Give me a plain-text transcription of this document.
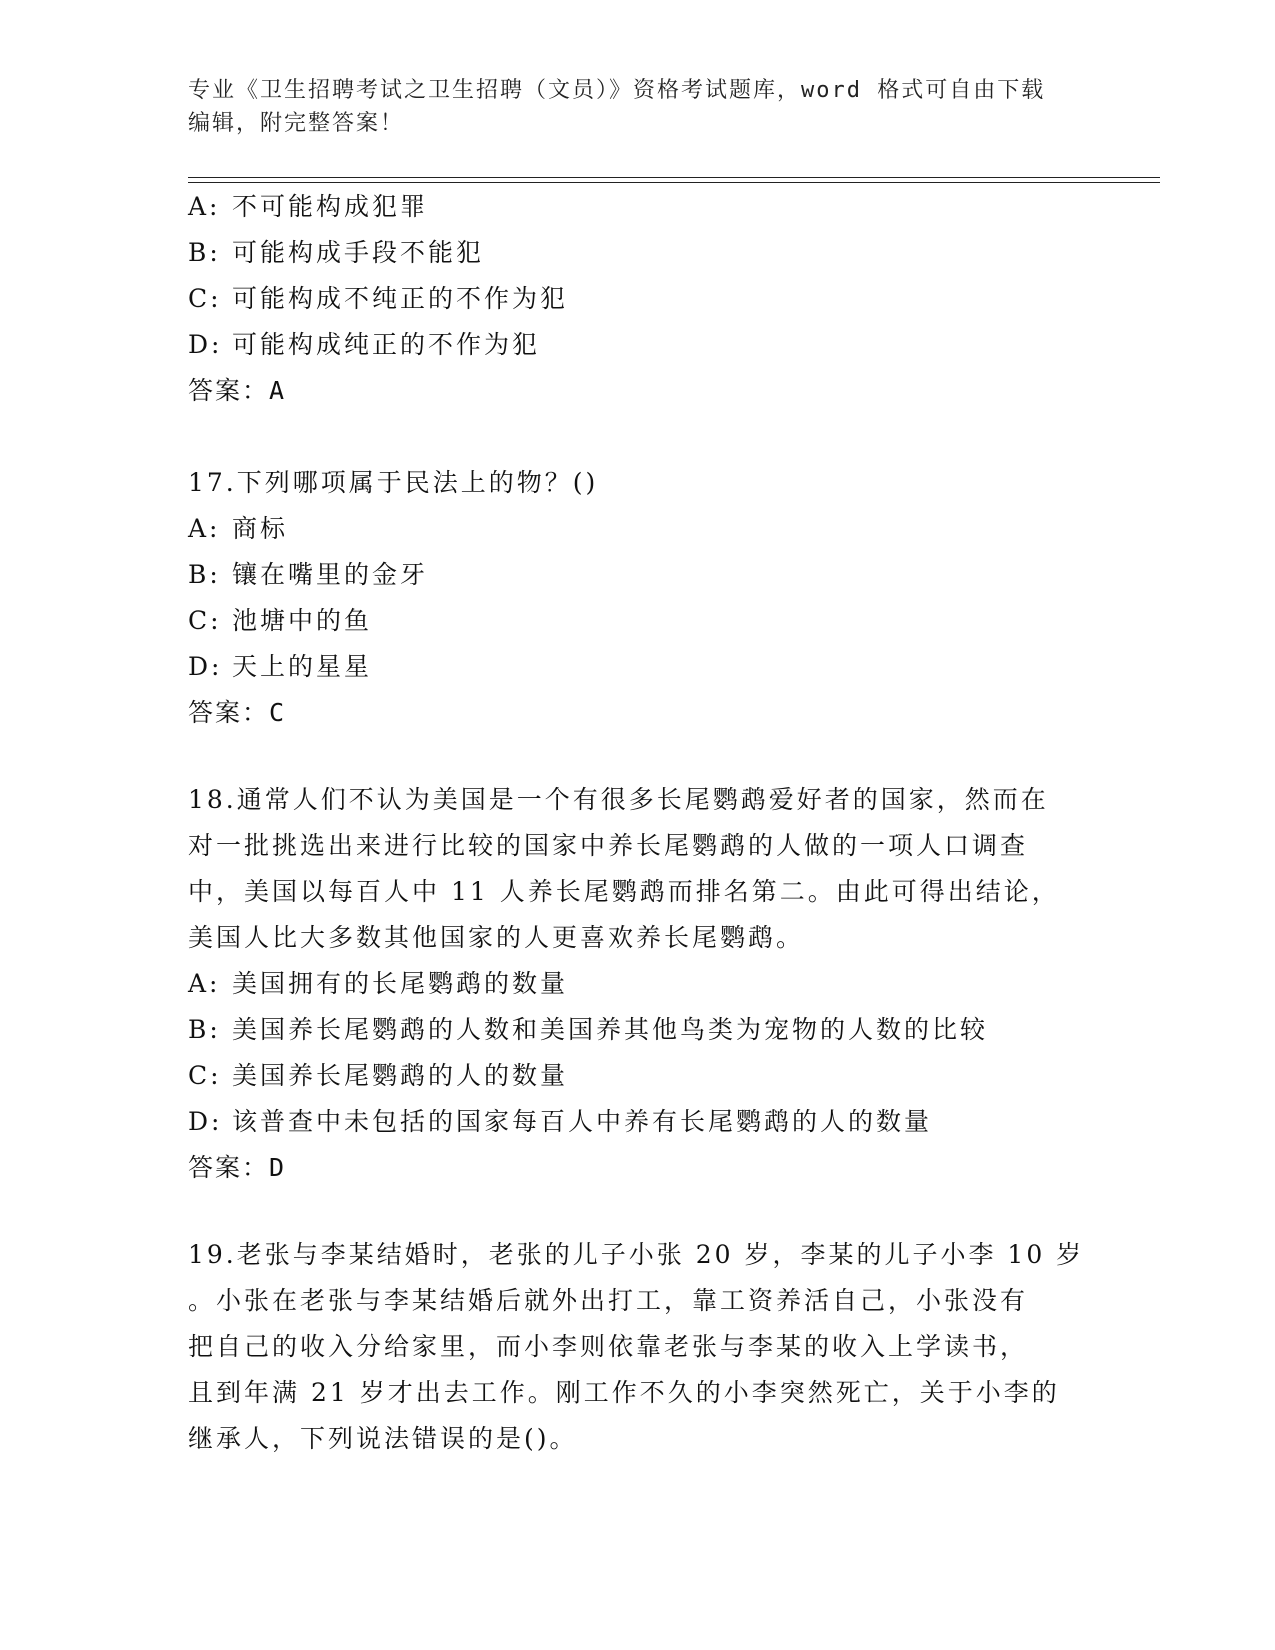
专业《卫生招聘考试之卫生招聘（文员）》资格考试题库，word 格式可自由下载
编辑，附完整答案！
A: 不可能构成犯罪
B: 可能构成手段不能犯
C: 可能构成不纯正的不作为犯
D: 可能构成纯正的不作为犯
答案：A
17.下列哪项属于民法上的物？()
A: 商标
B: 镶在嘴里的金牙
C: 池塘中的鱼
D: 天上的星星
答案：C
18.通常人们不认为美国是一个有很多长尾鹦鹉爱好者的国家，然而在
对一批挑选出来进行比较的国家中养长尾鹦鹉的人做的一项人口调查
中，美国以每百人中 11 人养长尾鹦鹉而排名第二。由此可得出结论，
美国人比大多数其他国家的人更喜欢养长尾鹦鹉。
A: 美国拥有的长尾鹦鹉的数量
B: 美国养长尾鹦鹉的人数和美国养其他鸟类为宠物的人数的比较
C: 美国养长尾鹦鹉的人的数量
D: 该普查中未包括的国家每百人中养有长尾鹦鹉的人的数量
答案：D
19.老张与李某结婚时，老张的儿子小张 20 岁，李某的儿子小李 10 岁
。小张在老张与李某结婚后就外出打工，靠工资养活自己，小张没有
把自己的收入分给家里，而小李则依靠老张与李某的收入上学读书，
且到年满 21 岁才出去工作。刚工作不久的小李突然死亡，关于小李的
继承人，下列说法错误的是()。
